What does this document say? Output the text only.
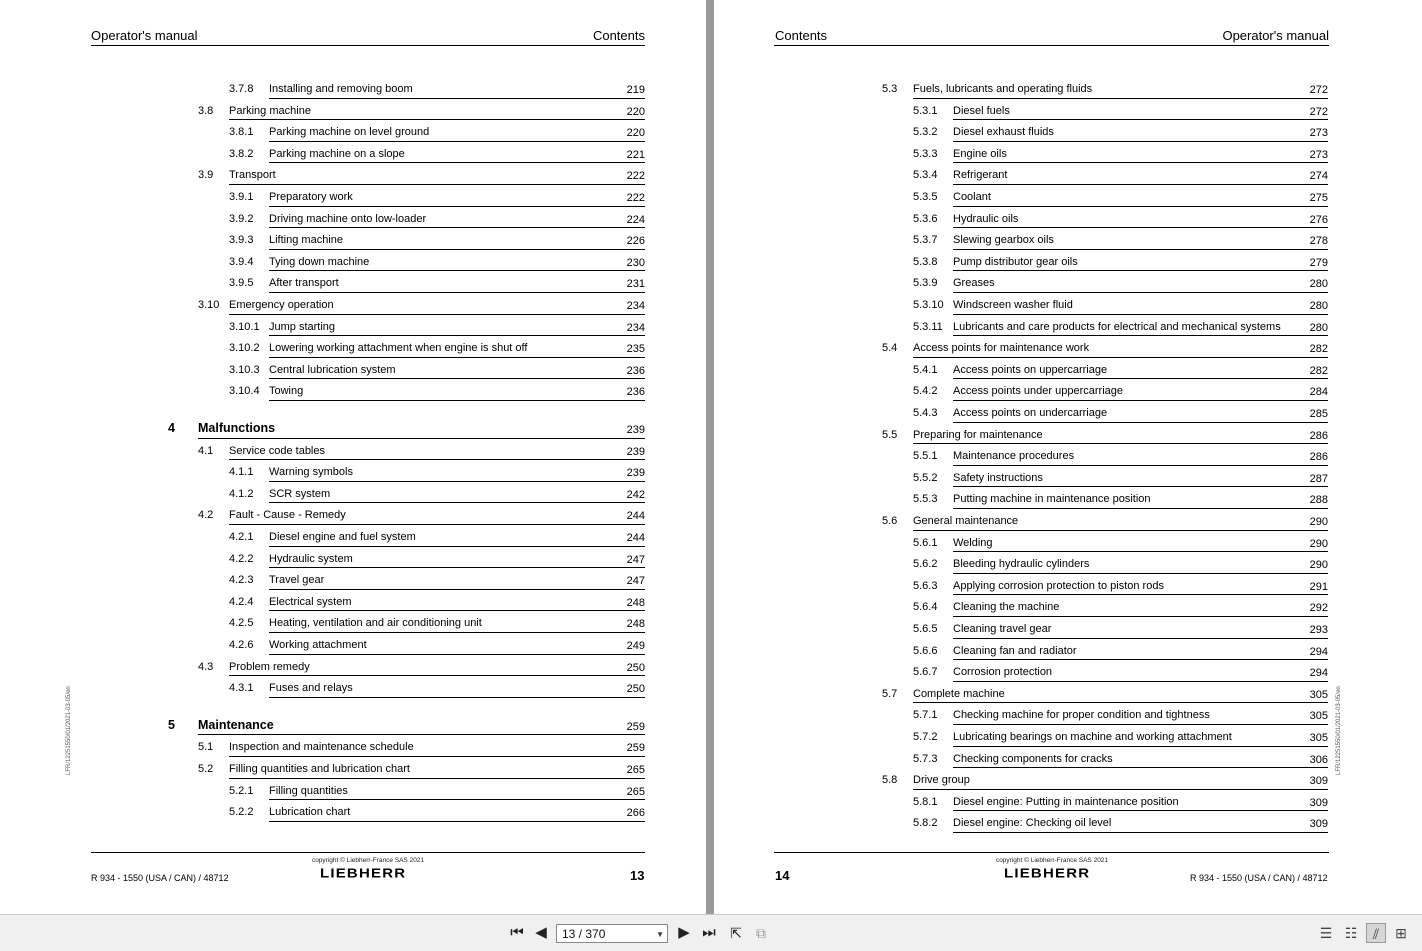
Operator's manual	Contents
3.7.8 Installing and removing boom	219
3.8 Parking machine	220
3.8.1 Parking machine on level ground	220
3.8.2 Parking machine on a slope	221
3.9 Transport	222
3.9.1 Preparatory work	222
3.9.2 Driving machine onto low-loader	224
3.9.3 Lifting machine	226
3.9.4 Tying down machine	230
3.9.5 After transport	231
3.10 Emergency operation	234
3.10.1 Jump starting	234
3.10.2 Lowering working attachment when engine is shut off	235
3.10.3 Central lubrication system	236
3.10.4 Towing	236
4 Malfunctions	239
4.1 Service code tables	239
4.1.1 Warning symbols	239
4.1.2 SCR system	242
4.2 Fault - Cause - Remedy	244
4.2.1 Diesel engine and fuel system	244
4.2.2 Hydraulic system	247
4.2.3 Travel gear	247
4.2.4 Electrical system	248
4.2.5 Heating, ventilation and air conditioning unit	248
4.2.6 Working attachment	249
4.3 Problem remedy	250
4.3.1 Fuses and relays	250
5 Maintenance	259
5.1 Inspection and maintenance schedule	259
5.2 Filling quantities and lubrication chart	265
5.2.1 Filling quantities	265
5.2.2 Lubrication chart	266
R 934 - 1550 (USA / CAN) / 48712
copyright © Liebherr-France SAS 2021
LIEBHERR	13
LFR/12251550/01/2021-03-05/en
Contents	Operator's manual
5.3 Fuels, lubricants and operating fluids	272
5.3.1 Diesel fuels	272
5.3.2 Diesel exhaust fluids	273
5.3.3 Engine oils	273
5.3.4 Refrigerant	274
5.3.5 Coolant	275
5.3.6 Hydraulic oils	276
5.3.7 Slewing gearbox oils	278
5.3.8 Pump distributor gear oils	279
5.3.9 Greases	280
5.3.10 Windscreen washer fluid	280
5.3.11 Lubricants and care products for electrical and mechanical systems	280
5.4 Access points for maintenance work	282
5.4.1 Access points on uppercarriage	282
5.4.2 Access points under uppercarriage	284
5.4.3 Access points on undercarriage	285
5.5 Preparing for maintenance	286
5.5.1 Maintenance procedures	286
5.5.2 Safety instructions	287
5.5.3 Putting machine in maintenance position	288
5.6 General maintenance	290
5.6.1 Welding	290
5.6.2 Bleeding hydraulic cylinders	290
5.6.3 Applying corrosion protection to piston rods	291
5.6.4 Cleaning the machine	292
5.6.5 Cleaning travel gear	293
5.6.6 Cleaning fan and radiator	294
5.6.7 Corrosion protection	294
5.7 Complete machine	305
5.7.1 Checking machine for proper condition and tightness	305
5.7.2 Lubricating bearings on machine and working attachment	305
5.7.3 Checking components for cracks	306
5.8 Drive group	309
5.8.1 Diesel engine: Putting in maintenance position	309
5.8.2 Diesel engine: Checking oil level	309
14
copyright © Liebherr-France SAS 2021
LIEBHERR	R 934 - 1550 (USA / CAN) / 48712
LFR/12251550/01/2021-03-05/en
⏮ ◀	13 / 370	▼ ▶ ⏭ ⇱ ⧉	☰ ☷	⫽	⊞
